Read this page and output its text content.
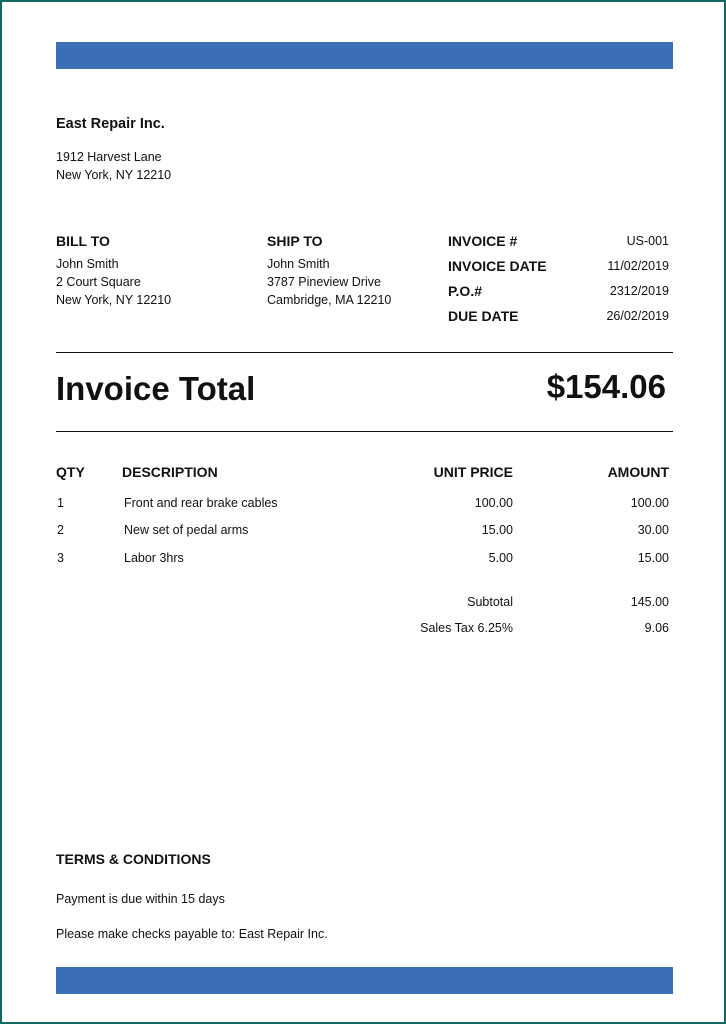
East Repair Inc.
1912 Harvest Lane
New York, NY 12210
BILL TO
John Smith
2 Court Square
New York, NY 12210
SHIP TO
John Smith
3787 Pineview Drive
Cambridge, MA 12210
INVOICE #	US-001
INVOICE DATE	11/02/2019
P.O.#	2312/2019
DUE DATE	26/02/2019
Invoice Total	$154.06
QTY	DESCRIPTION	UNIT PRICE	AMOUNT
1	Front and rear brake cables	100.00	100.00
2	New set of pedal arms	15.00	30.00
3	Labor 3hrs	5.00	15.00
Subtotal	145.00
Sales Tax 6.25%	9.06
TERMS & CONDITIONS
Payment is due within 15 days
Please make checks payable to: East Repair Inc.
